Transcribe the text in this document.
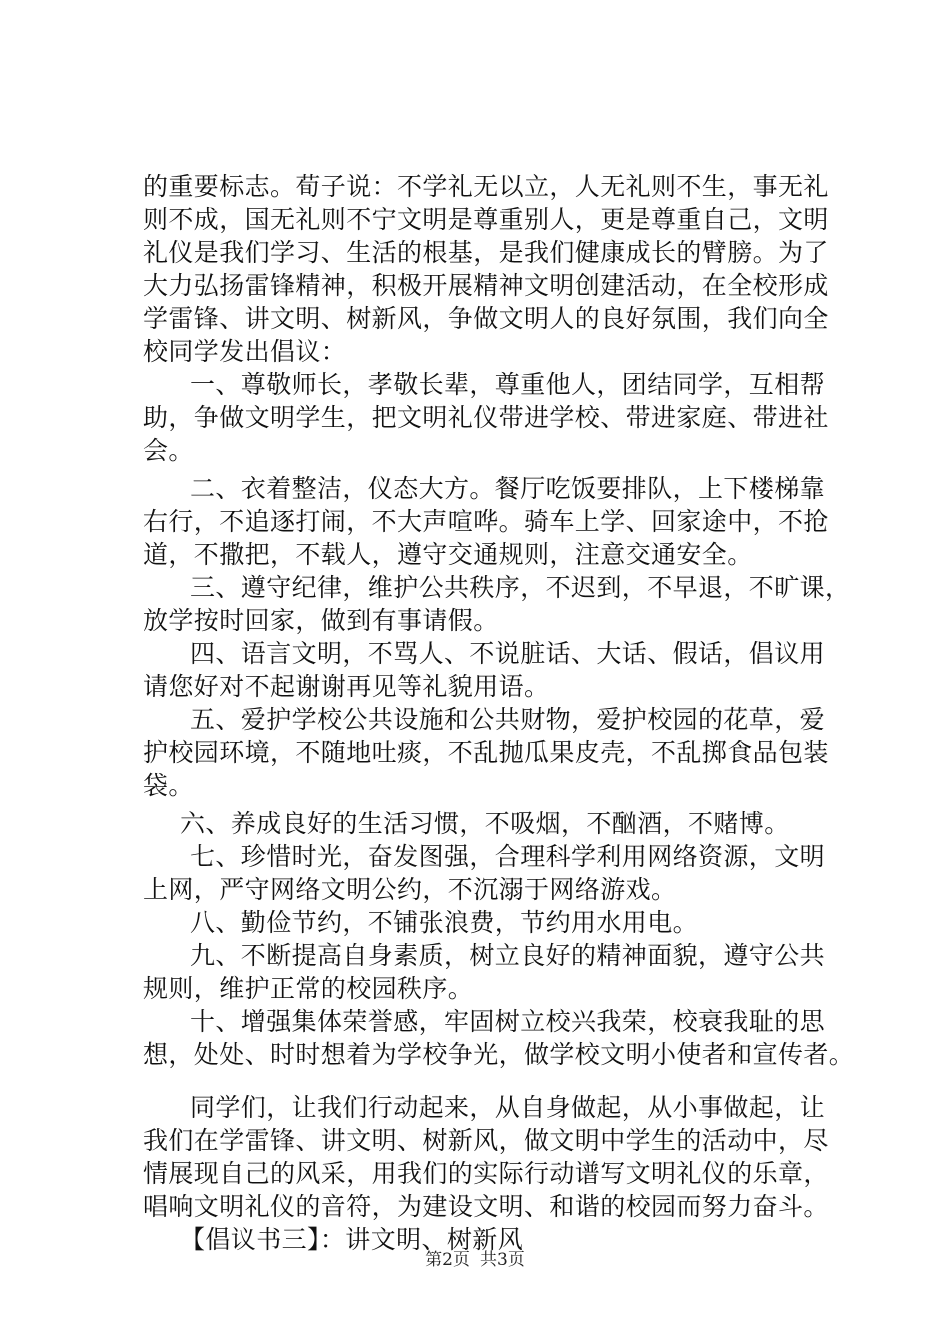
的重要标志。荀子说：不学礼无以立，人无礼则不生，事无礼
则不成，国无礼则不宁文明是尊重别人，更是尊重自己，文明
礼仪是我们学习、生活的根基，是我们健康成长的臂膀。为了
大力弘扬雷锋精神，积极开展精神文明创建活动，在全校形成
学雷锋、讲文明、树新风，争做文明人的良好氛围，我们向全
校同学发出倡议：
一、尊敬师长，孝敬长辈，尊重他人，团结同学，互相帮
助，争做文明学生，把文明礼仪带进学校、带进家庭、带进社
会。
二、衣着整洁，仪态大方。餐厅吃饭要排队，上下楼梯靠
右行，不追逐打闹，不大声喧哗。骑车上学、回家途中，不抢
道，不撒把，不载人，遵守交通规则，注意交通安全。
三、遵守纪律，维护公共秩序，不迟到，不早退，不旷课，
放学按时回家，做到有事请假。
四、语言文明，不骂人、不说脏话、大话、假话，倡议用
请您好对不起谢谢再见等礼貌用语。
五、爱护学校公共设施和公共财物，爱护校园的花草，爱
护校园环境，不随地吐痰，不乱抛瓜果皮壳，不乱掷食品包装
袋。
六、养成良好的生活习惯，不吸烟，不酗酒，不赌博。
七、珍惜时光，奋发图强，合理科学利用网络资源，文明
上网，严守网络文明公约，不沉溺于网络游戏。
八、勤俭节约，不铺张浪费，节约用水用电。
九、不断提高自身素质，树立良好的精神面貌，遵守公共
规则，维护正常的校园秩序。
十、增强集体荣誉感，牢固树立校兴我荣，校衰我耻的思
想，处处、时时想着为学校争光，做学校文明小使者和宣传者。
同学们，让我们行动起来，从自身做起，从小事做起，让
我们在学雷锋、讲文明、树新风，做文明中学生的活动中，尽
情展现自己的风采，用我们的实际行动谱写文明礼仪的乐章，
唱响文明礼仪的音符，为建设文明、和谐的校园而努力奋斗。
【倡议书三】：讲文明、树新风
第2页 共3页
